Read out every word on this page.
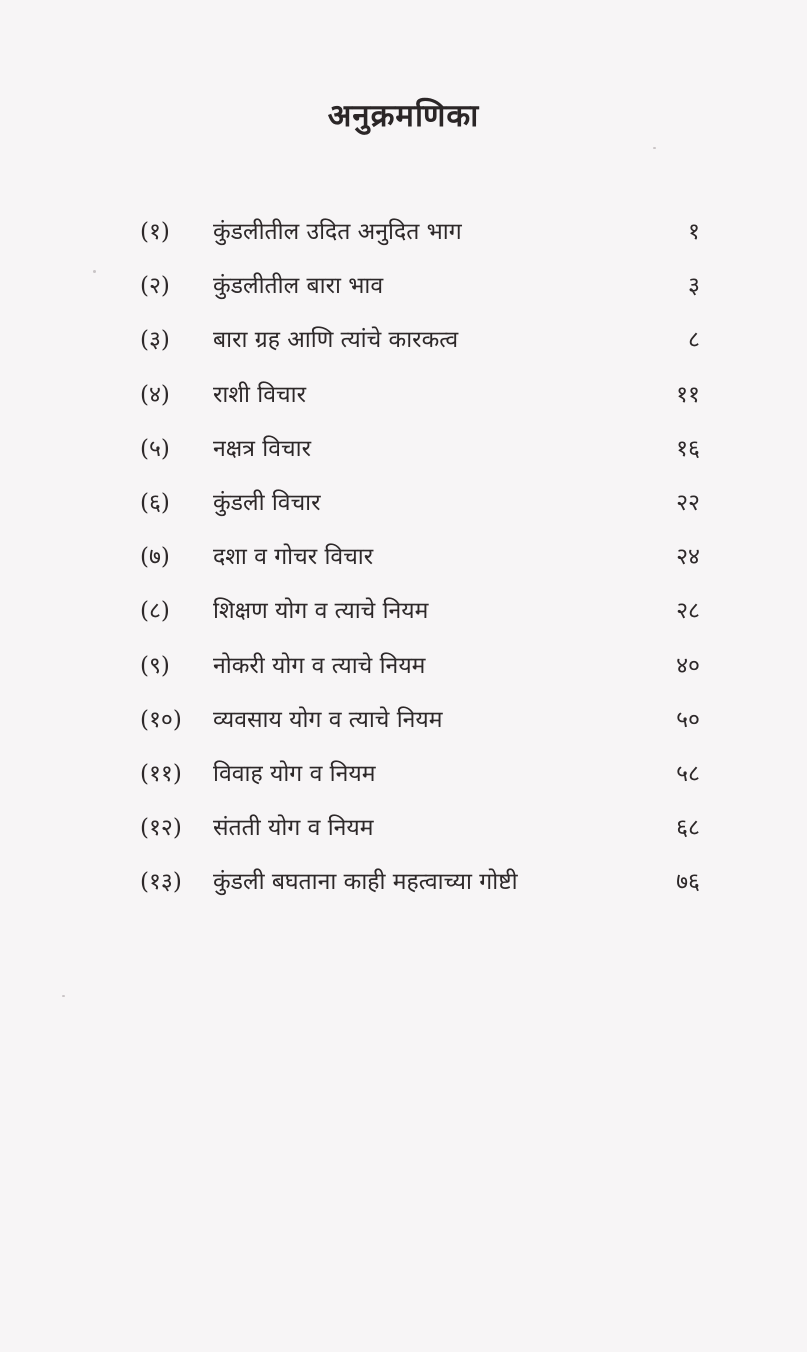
अनुक्रमणिका
(१)	कुंडलीतील उदित अनुदित भाग	१
(२)	कुंडलीतील बारा भाव	३
(३)	बारा ग्रह आणि त्यांचे कारकत्व	८
(४)	राशी विचार	११
(५)	नक्षत्र विचार	१६
(६)	कुंडली विचार	२२
(७)	दशा व गोचर विचार	२४
(८)	शिक्षण योग व त्याचे नियम	२८
(९)	नोकरी योग व त्याचे नियम	४०
(१०)	व्यवसाय योग व त्याचे नियम	५०
(११)	विवाह योग व नियम	५८
(१२)	संतती योग व नियम	६८
(१३)	कुंडली बघताना काही महत्वाच्या गोष्टी	७६
